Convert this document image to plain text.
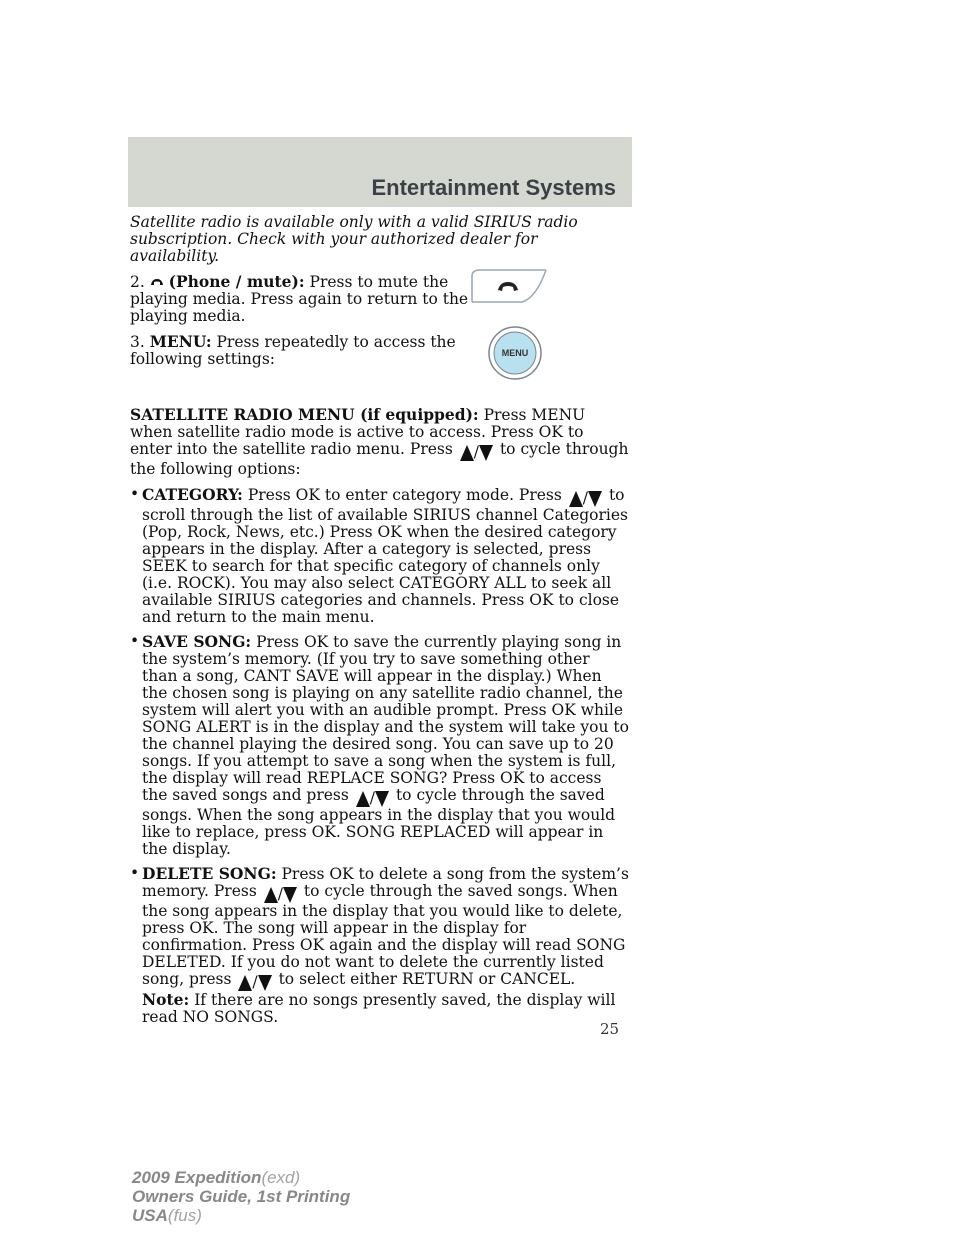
Entertainment Systems
MENU

Satellite radio is available only with a valid SIRIUS radio subscription. Check with your authorized dealer for availability.

2. (Phone / mute): Press to mute the playing media. Press again to return to the playing media.

3. MENU: Press repeatedly to access the following settings:

SATELLITE RADIO MENU (if equipped): Press MENU when satellite radio mode is active to access. Press OK to enter into the satellite radio menu. Press / to cycle through the following options:

• CATEGORY: Press OK to enter category mode. Press / to scroll through the list of available SIRIUS channel Categories (Pop, Rock, News, etc.) Press OK when the desired category appears in the display. After a category is selected, press SEEK to search for that specific category of channels only (i.e. ROCK). You may also select CATEGORY ALL to seek all available SIRIUS categories and channels. Press OK to close and return to the main menu.
• SAVE SONG: Press OK to save the currently playing song in the system’s memory. (If you try to save something other than a song, CANT SAVE will appear in the display.) When the chosen song is playing on any satellite radio channel, the system will alert you with an audible prompt. Press OK while SONG ALERT is in the display and the system will take you to the channel playing the desired song. You can save up to 20 songs. If you attempt to save a song when the system is full, the display will read REPLACE SONG? Press OK to access the saved songs and press / to cycle through the saved songs. When the song appears in the display that you would like to replace, press OK. SONG REPLACED will appear in the display.
• DELETE SONG: Press OK to delete a song from the system’s memory. Press / to cycle through the saved songs. When the song appears in the display that you would like to delete, press OK. The song will appear in the display for confirmation. Press OK again and the display will read SONG DELETED. If you do not want to delete the currently listed song, press / to select either RETURN or CANCEL.
Note: If there are no songs presently saved, the display will read NO SONGS.
25
2009 Expedition(exd)
Owners Guide, 1st Printing
USA(fus)
